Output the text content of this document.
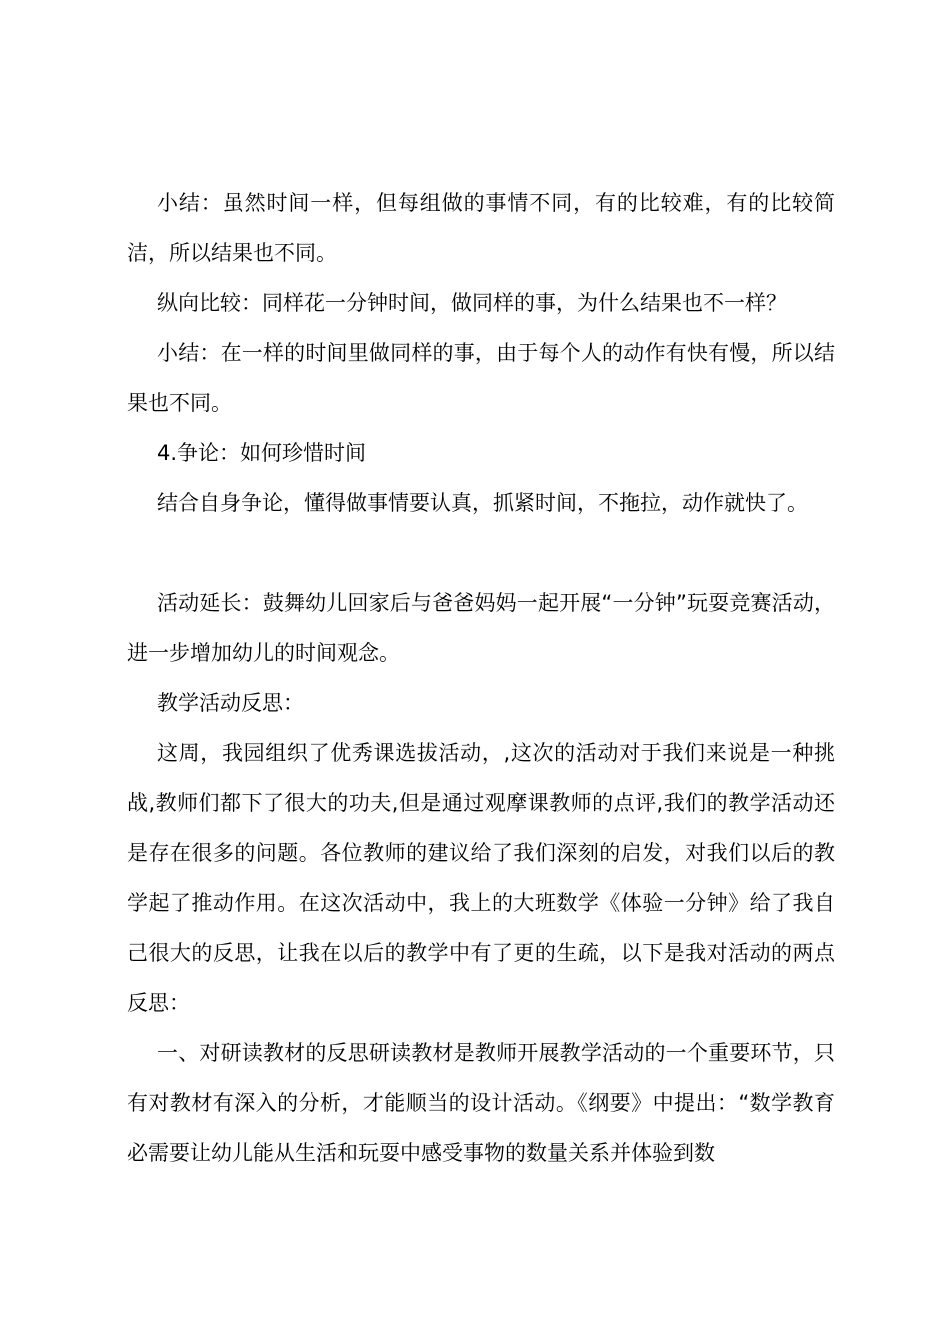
小结：虽然时间一样，但每组做的事情不同，有的比较难，有的比较简洁，所以结果也不同。

纵向比较：同样花一分钟时间，做同样的事，为什么结果也不一样？

小结：在一样的时间里做同样的事，由于每个人的动作有快有慢，所以结果也不同。

4.争论：如何珍惜时间

结合自身争论，懂得做事情要认真，抓紧时间，不拖拉，动作就快了。

活动延长：鼓舞幼儿回家后与爸爸妈妈一起开展“一分钟”玩耍竞赛活动，进一步增加幼儿的时间观念。

教学活动反思：

这周，我园组织了优秀课选拔活动，,这次的活动对于我们来说是一种挑战,教师们都下了很大的功夫,但是通过观摩课教师的点评,我们的教学活动还是存在很多的问题。各位教师的建议给了我们深刻的启发，对我们以后的教学起了推动作用。在这次活动中，我上的大班数学《体验一分钟》给了我自己很大的反思，让我在以后的教学中有了更的生疏，以下是我对活动的两点反思：

一、对研读教材的反思研读教材是教师开展教学活动的一个重要环节，只有对教材有深入的分析，才能顺当的设计活动。《纲要》中提出：“数学教育必需要让幼儿能从生活和玩耍中感受事物的数量关系并体验到数
